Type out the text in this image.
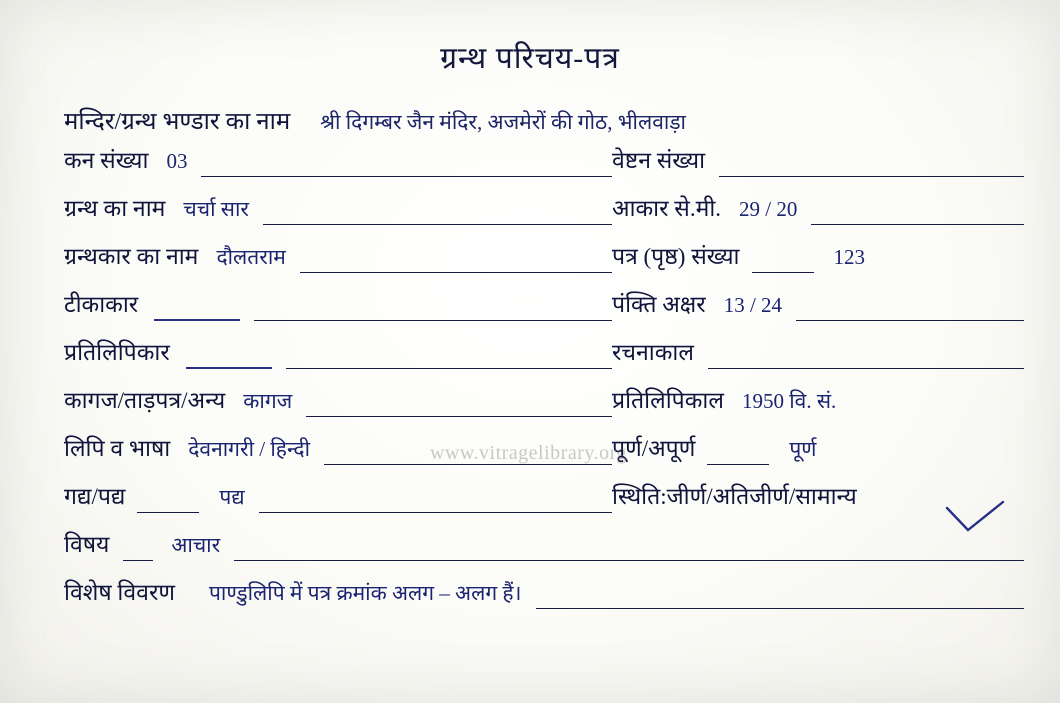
ग्रन्थ परिचय-पत्र
मन्दिर/ग्रन्थ भण्डार का नाम श्री दिगम्बर जैन मंदिर, अजमेरों की गोठ, भीलवाड़ा
कन संख्या 03	वेष्टन संख्या
ग्रन्थ का नाम चर्चा सार	आकार से.मी. 29 / 20
ग्रन्थकार का नाम दौलतराम	पत्र (पृष्ठ) संख्या	123
टीकाकार	पंक्ति अक्षर 13 / 24
प्रतिलिपिकार	रचनाकाल
कागज/ताड़पत्र/अन्य कागज	प्रतिलिपिकाल 1950 वि. सं.
लिपि व भाषा देवनागरी / हिन्दी	पूर्ण/अपूर्ण	पूर्ण
गद्य/पद्य	पद्य	स्थिति:जीर्ण/अतिजीर्ण/सामान्य
विषय	आचार
विशेष विवरण पाण्डुलिपि में पत्र क्रमांक अलग – अलग हैं।
www.vitragelibrary.org
